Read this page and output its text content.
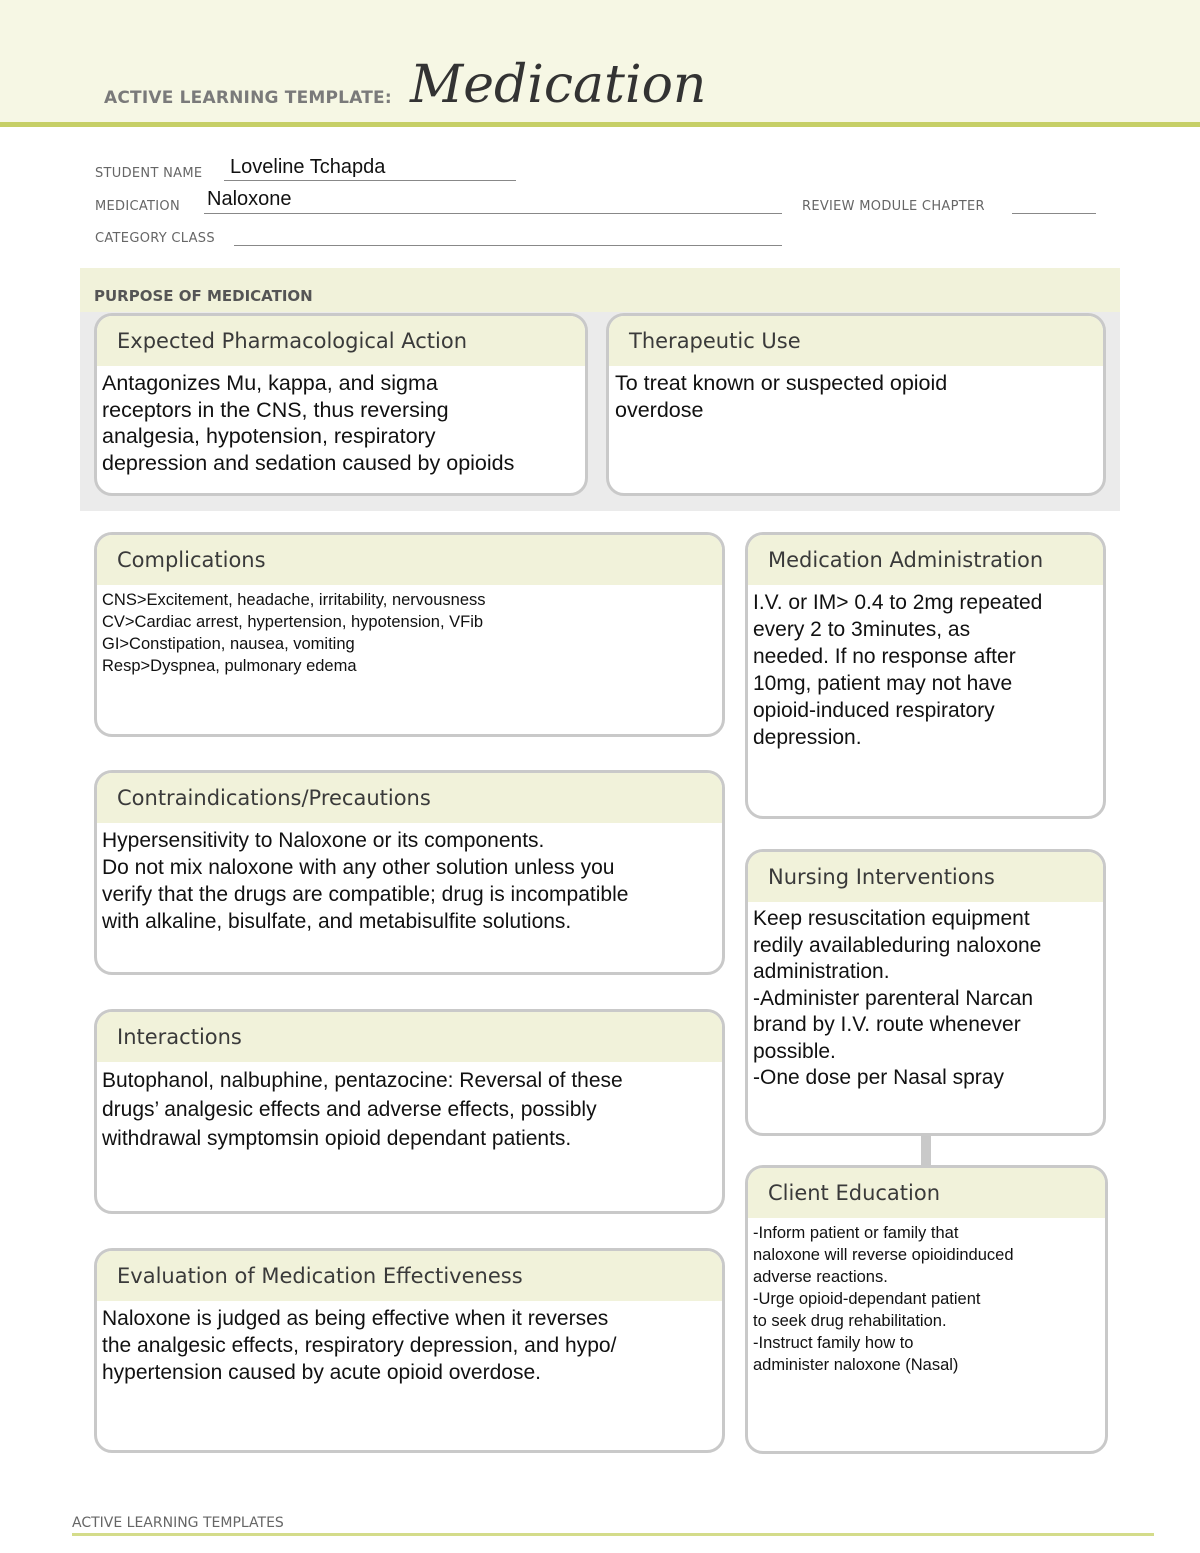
ACTIVE LEARNING TEMPLATE: Medication
STUDENT NAME Loveline Tchapda
MEDICATION Naloxone	REVIEW MODULE CHAPTER
CATEGORY CLASS
PURPOSE OF MEDICATION
Expected Pharmacological Action
Antagonizes Mu, kappa, and sigma
receptors in the CNS, thus reversing
analgesia, hypotension, respiratory
depression and sedation caused by opioids
Therapeutic Use
To treat known or suspected opioid
overdose
Complications
CNS>Excitement, headache, irritability, nervousness
CV>Cardiac arrest, hypertension, hypotension, VFib
GI>Constipation, nausea, vomiting
Resp>Dyspnea, pulmonary edema
Contraindications/Precautions
Hypersensitivity to Naloxone or its components.
Do not mix naloxone with any other solution unless you
verify that the drugs are compatible; drug is incompatible
with alkaline, bisulfate, and metabisulfite solutions.
Interactions
Butophanol, nalbuphine, pentazocine: Reversal of these
drugs’ analgesic effects and adverse effects, possibly
withdrawal symptomsin opioid dependant patients.
Evaluation of Medication Effectiveness
Naloxone is judged as being effective when it reverses
the analgesic effects, respiratory depression, and hypo/
hypertension caused by acute opioid overdose.
Medication Administration
I.V. or IM> 0.4 to 2mg repeated
every 2 to 3minutes, as
needed. If no response after
10mg, patient may not have
opioid-induced respiratory
depression.
Nursing Interventions
Keep resuscitation equipment
redily availableduring naloxone
administration.
-Administer parenteral Narcan
brand by I.V. route whenever
possible.
-One dose per Nasal spray
Client Education
-Inform patient or family that
naloxone will reverse opioidinduced
adverse reactions.
-Urge opioid-dependant patient
to seek drug rehabilitation.
-Instruct family how to
administer naloxone (Nasal)
ACTIVE LEARNING TEMPLATES
